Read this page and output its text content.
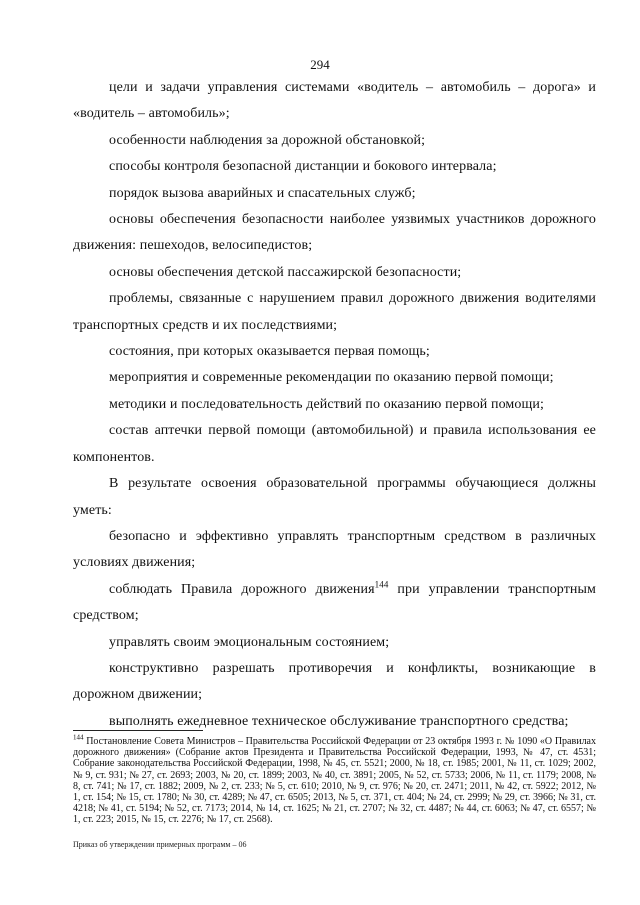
294

цели и задачи управления системами «водитель – автомобиль – дорога» и «водитель – автомобиль»;

особенности наблюдения за дорожной обстановкой;

способы контроля безопасной дистанции и бокового интервала;

порядок вызова аварийных и спасательных служб;

основы обеспечения безопасности наиболее уязвимых участников дорожного движения: пешеходов, велосипедистов;

основы обеспечения детской пассажирской безопасности;

проблемы, связанные с нарушением правил дорожного движения водителями транспортных средств и их последствиями;

состояния, при которых оказывается первая помощь;

мероприятия и современные рекомендации по оказанию первой помощи;

методики и последовательность действий по оказанию первой помощи;

состав аптечки первой помощи (автомобильной) и правила использования ее компонентов.

В результате освоения образовательной программы обучающиеся должны уметь:

безопасно и эффективно управлять транспортным средством в различных условиях движения;

соблюдать Правила дорожного движения$^{144}$ при управлении транспортным средством;

управлять своим эмоциональным состоянием;

конструктивно разрешать противоречия и конфликты, возникающие в дорожном движении;

выполнять ежедневное техническое обслуживание транспортного средства;

$^{144}$ Постановление Совета Министров – Правительства Российской Федерации от 23 октября 1993 г. № 1090 «О Правилах дорожного движения» (Собрание актов Президента и Правительства Российской Федерации, 1993, № 47, ст. 4531; Собрание законодательства Российской Федерации, 1998, № 45, ст. 5521; 2000, № 18, ст. 1985; 2001, № 11, ст. 1029; 2002, № 9, ст. 931; № 27, ст. 2693; 2003, № 20, ст. 1899; 2003, № 40, ст. 3891; 2005, № 52, ст. 5733; 2006, № 11, ст. 1179; 2008, № 8, ст. 741; № 17, ст. 1882; 2009, № 2, ст. 233; № 5, ст. 610; 2010, № 9, ст. 976; № 20, ст. 2471; 2011, № 42, ст. 5922; 2012, № 1, ст. 154; № 15, ст. 1780; № 30, ст. 4289; № 47, ст. 6505; 2013, № 5, ст. 371, ст. 404; № 24, ст. 2999; № 29, ст. 3966; № 31, ст. 4218; № 41, ст. 5194; № 52, ст. 7173; 2014, № 14, ст. 1625; № 21, ст. 2707; № 32, ст. 4487; № 44, ст. 6063; № 47, ст. 6557; № 1, ст. 223; 2015, № 15, ст. 2276; № 17, ст. 2568).
Приказ об утверждении примерных программ – 06
